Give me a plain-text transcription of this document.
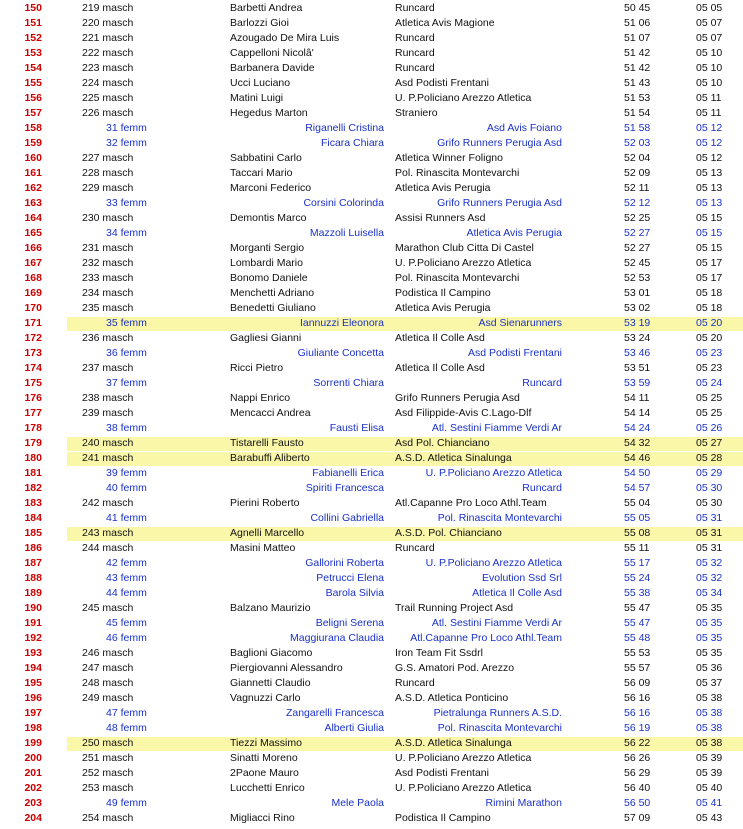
150	219 masch	Barbetti Andrea	Runcard	50 45	05 05
151	220 masch	Barlozzi Gioi	Atletica Avis Magione	51 06	05 07
152	221 masch	Azougado De Mira Luis	Runcard	51 07	05 07
153	222 masch	Cappelloni Nicolâ'	Runcard	51 42	05 10
154	223 masch	Barbanera Davide	Runcard	51 42	05 10
155	224 masch	Ucci Luciano	Asd Podisti Frentani	51 43	05 10
156	225 masch	Matini Luigi	U. P.Policiano Arezzo Atletica	51 53	05 11
157	226 masch	Hegedus Marton	Straniero	51 54	05 11
158	31 femm	Riganelli Cristina	Asd Avis Foiano	51 58	05 12
159	32 femm	Ficara Chiara	Grifo Runners Perugia Asd	52 03	05 12
160	227 masch	Sabbatini Carlo	Atletica Winner Foligno	52 04	05 12
161	228 masch	Taccari Mario	Pol. Rinascita Montevarchi	52 09	05 13
162	229 masch	Marconi Federico	Atletica Avis Perugia	52 11	05 13
163	33 femm	Corsini Colorinda	Grifo Runners Perugia Asd	52 12	05 13
164	230 masch	Demontis Marco	Assisi Runners Asd	52 25	05 15
165	34 femm	Mazzoli Luisella	Atletica Avis Perugia	52 27	05 15
166	231 masch	Morganti Sergio	Marathon Club Citta Di Castel	52 27	05 15
167	232 masch	Lombardi Mario	U. P.Policiano Arezzo Atletica	52 45	05 17
168	233 masch	Bonomo Daniele	Pol. Rinascita Montevarchi	52 53	05 17
169	234 masch	Menchetti Adriano	Podistica Il Campino	53 01	05 18
170	235 masch	Benedetti Giuliano	Atletica Avis Perugia	53 02	05 18
171	35 femm	Iannuzzi Eleonora	Asd Sienarunners	53 19	05 20
172	236 masch	Gagliesi Gianni	Atletica Il Colle Asd	53 24	05 20
173	36 femm	Giuliante Concetta	Asd Podisti Frentani	53 46	05 23
174	237 masch	Ricci Pietro	Atletica Il Colle Asd	53 51	05 23
175	37 femm	Sorrenti Chiara	Runcard	53 59	05 24
176	238 masch	Nappi Enrico	Grifo Runners Perugia Asd	54 11	05 25
177	239 masch	Mencacci Andrea	Asd Filippide-Avis C.Lago-Dlf	54 14	05 25
178	38 femm	Fausti Elisa	Atl. Sestini Fiamme Verdi Ar	54 24	05 26
179	240 masch	Tistarelli Fausto	Asd Pol. Chianciano	54 32	05 27
180	241 masch	Barabuffi Aliberto	A.S.D. Atletica Sinalunga	54 46	05 28
181	39 femm	Fabianelli Erica	U. P.Policiano Arezzo Atletica	54 50	05 29
182	40 femm	Spiriti Francesca	Runcard	54 57	05 30
183	242 masch	Pierini Roberto	Atl.Capanne Pro Loco Athl.Team	55 04	05 30
184	41 femm	Collini Gabriella	Pol. Rinascita Montevarchi	55 05	05 31
185	243 masch	Agnelli Marcello	A.S.D. Pol. Chianciano	55 08	05 31
186	244 masch	Masini Matteo	Runcard	55 11	05 31
187	42 femm	Gallorini Roberta	U. P.Policiano Arezzo Atletica	55 17	05 32
188	43 femm	Petrucci Elena	Evolution Ssd Srl	55 24	05 32
189	44 femm	Barola Silvia	Atletica Il Colle Asd	55 38	05 34
190	245 masch	Balzano Maurizio	Trail Running Project Asd	55 47	05 35
191	45 femm	Beligni Serena	Atl. Sestini Fiamme Verdi Ar	55 47	05 35
192	46 femm	Maggiurana Claudia	Atl.Capanne Pro Loco Athl.Team	55 48	05 35
193	246 masch	Baglioni Giacomo	Iron Team Fit Ssdrl	55 53	05 35
194	247 masch	Piergiovanni Alessandro	G.S. Amatori Pod. Arezzo	55 57	05 36
195	248 masch	Giannetti Claudio	Runcard	56 09	05 37
196	249 masch	Vagnuzzi Carlo	A.S.D. Atletica Ponticino	56 16	05 38
197	47 femm	Zangarelli Francesca	Pietralunga Runners A.S.D.	56 16	05 38
198	48 femm	Alberti Giulia	Pol. Rinascita Montevarchi	56 19	05 38
199	250 masch	Tiezzi Massimo	A.S.D. Atletica Sinalunga	56 22	05 38
200	251 masch	Sinatti Moreno	U. P.Policiano Arezzo Atletica	56 26	05 39
201	252 masch	2Paone Mauro	Asd Podisti Frentani	56 29	05 39
202	253 masch	Lucchetti Enrico	U. P.Policiano Arezzo Atletica	56 40	05 40
203	49 femm	Mele Paola	Rimini Marathon	56 50	05 41
204	254 masch	Migliacci Rino	Podistica Il Campino	57 09	05 43
